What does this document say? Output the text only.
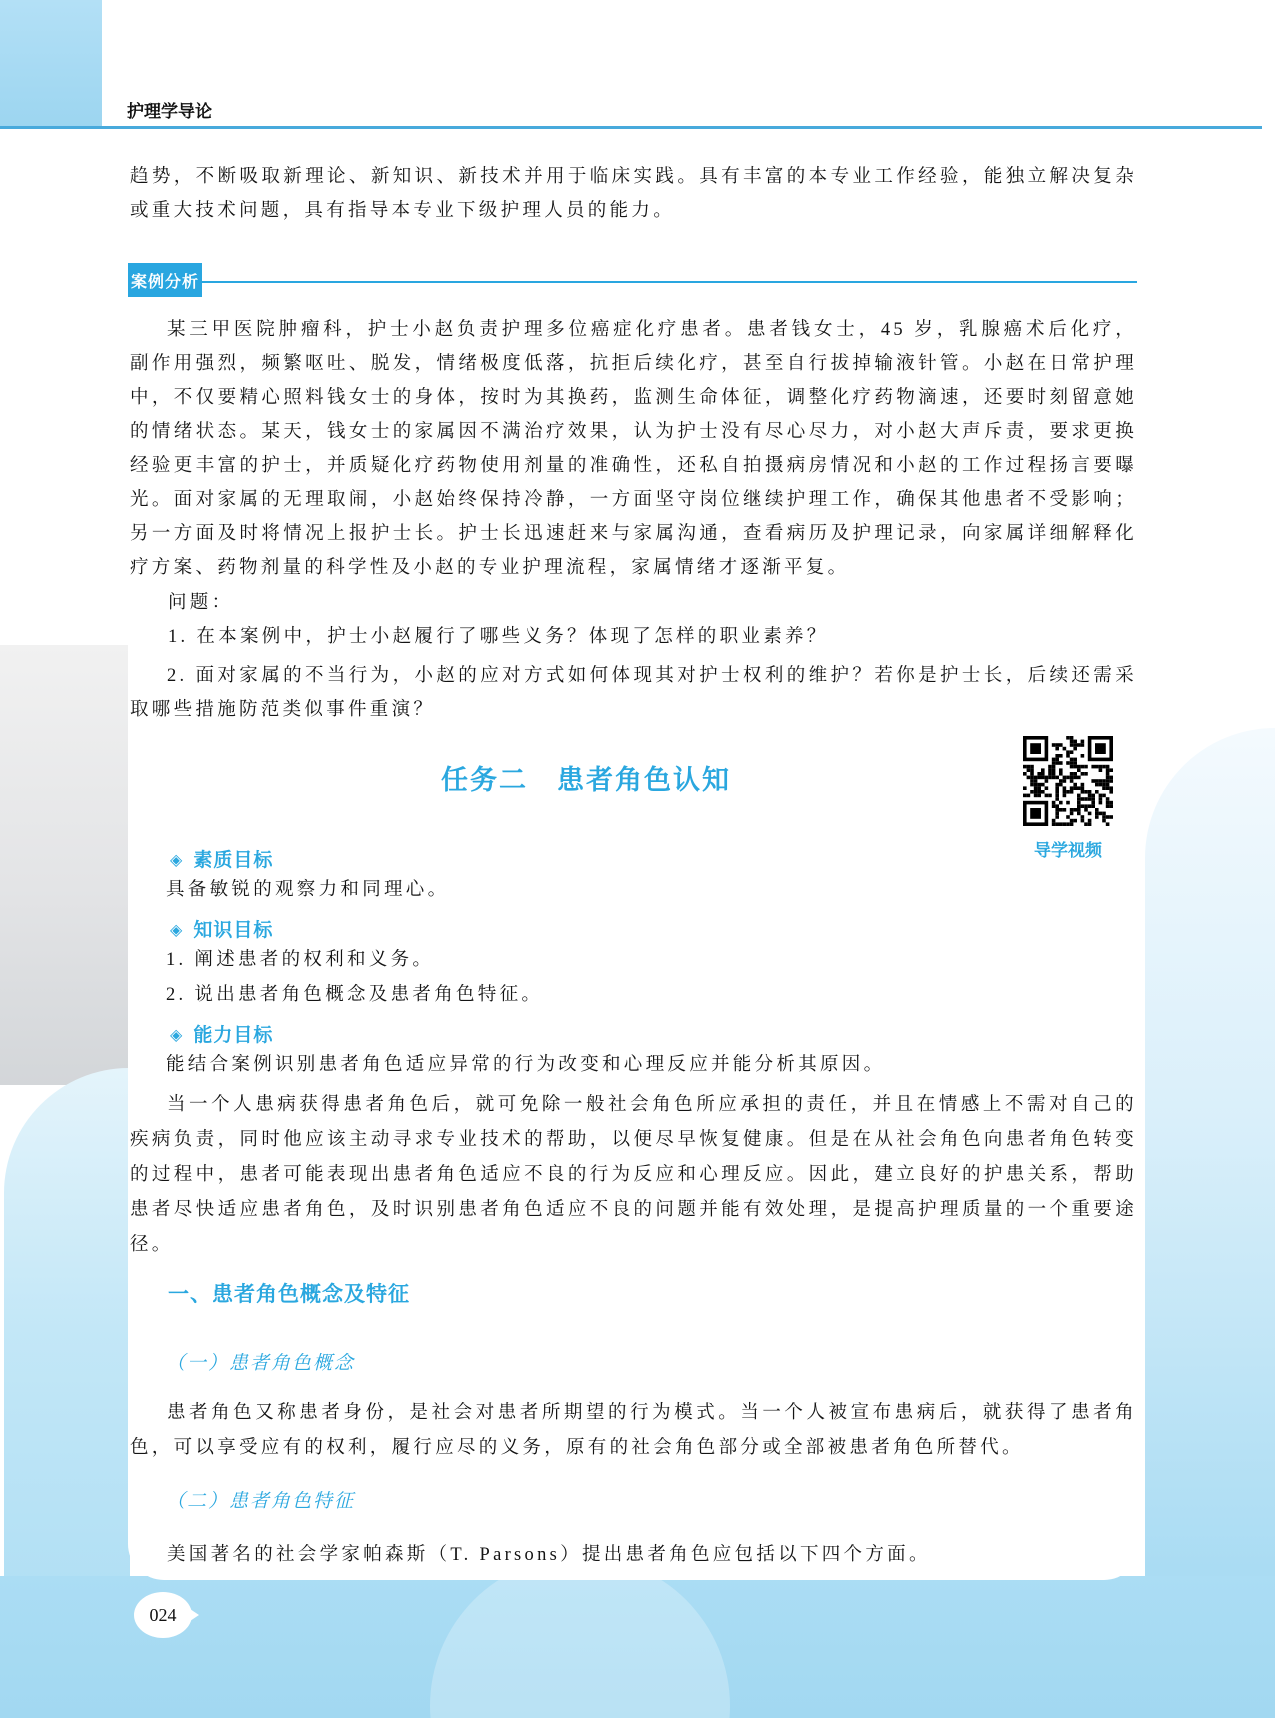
护理学导论
趋势，不断吸取新理论、新知识、新技术并用于临床实践。具有丰富的本专业工作经验，能独立解决复杂或重大技术问题，具有指导本专业下级护理人员的能力。
案例分析
某三甲医院肿瘤科，护士小赵负责护理多位癌症化疗患者。患者钱女士，45 岁，乳腺癌术后化疗，副作用强烈，频繁呕吐、脱发，情绪极度低落，抗拒后续化疗，甚至自行拔掉输液针管。小赵在日常护理中，不仅要精心照料钱女士的身体，按时为其换药，监测生命体征，调整化疗药物滴速，还要时刻留意她的情绪状态。某天，钱女士的家属因不满治疗效果，认为护士没有尽心尽力，对小赵大声斥责，要求更换经验更丰富的护士，并质疑化疗药物使用剂量的准确性，还私自拍摄病房情况和小赵的工作过程扬言要曝光。面对家属的无理取闹，小赵始终保持冷静，一方面坚守岗位继续护理工作，确保其他患者不受影响；另一方面及时将情况上报护士长。护士长迅速赶来与家属沟通，查看病历及护理记录，向家属详细解释化疗方案、药物剂量的科学性及小赵的专业护理流程，家属情绪才逐渐平复。
问题：
1. 在本案例中，护士小赵履行了哪些义务？体现了怎样的职业素养？
2. 面对家属的不当行为，小赵的应对方式如何体现其对护士权利的维护？若你是护士长，后续还需采取哪些措施防范类似事件重演？
任务二　患者角色认知
导学视频
◈ 素质目标
具备敏锐的观察力和同理心。
◈ 知识目标
1. 阐述患者的权利和义务。
2. 说出患者角色概念及患者角色特征。
◈ 能力目标
能结合案例识别患者角色适应异常的行为改变和心理反应并能分析其原因。
当一个人患病获得患者角色后，就可免除一般社会角色所应承担的责任，并且在情感上不需对自己的疾病负责，同时他应该主动寻求专业技术的帮助，以便尽早恢复健康。但是在从社会角色向患者角色转变的过程中，患者可能表现出患者角色适应不良的行为反应和心理反应。因此，建立良好的护患关系，帮助患者尽快适应患者角色，及时识别患者角色适应不良的问题并能有效处理，是提高护理质量的一个重要途径。
一、患者角色概念及特征
（一）患者角色概念
患者角色又称患者身份，是社会对患者所期望的行为模式。当一个人被宣布患病后，就获得了患者角色，可以享受应有的权利，履行应尽的义务，原有的社会角色部分或全部被患者角色所替代。
（二）患者角色特征
美国著名的社会学家帕森斯（T. Parsons）提出患者角色应包括以下四个方面。
024
